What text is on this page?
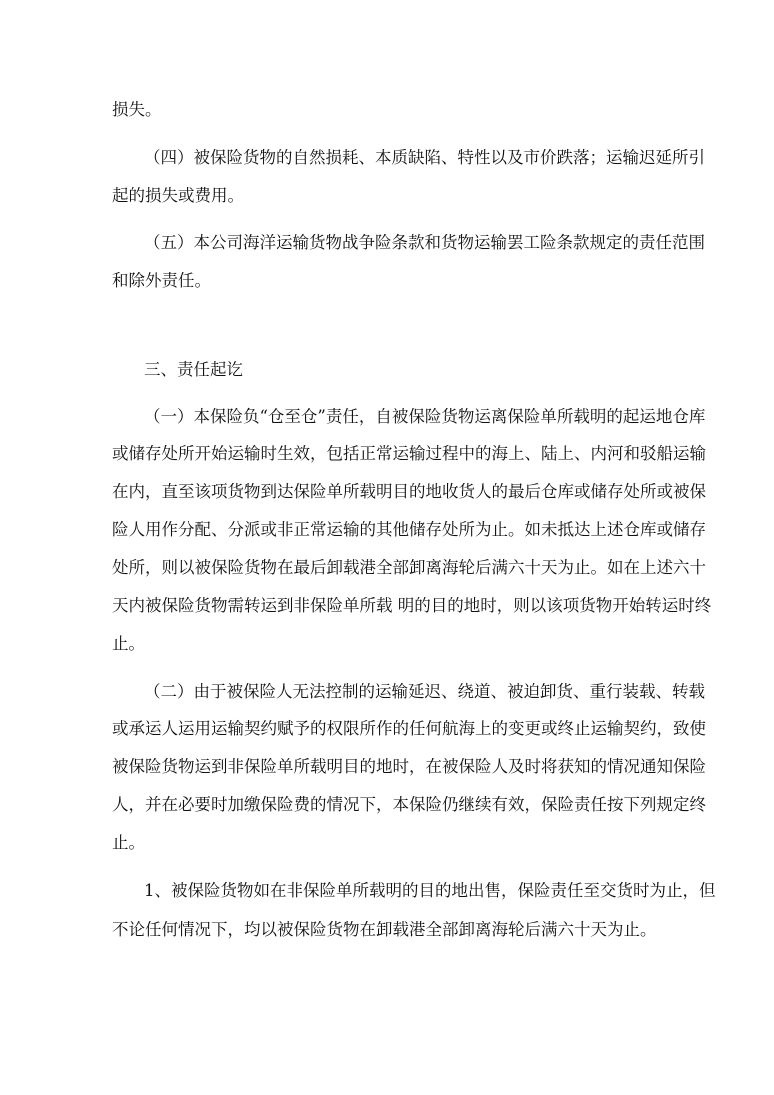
损失。
（四）被保险货物的自然损耗、本质缺陷、特性以及市价跌落；运输迟延所引
起的损失或费用。
（五）本公司海洋运输货物战争险条款和货物运输罢工险条款规定的责任范围
和除外责任。
三、责任起讫
（一）本保险负“仓至仓”责任，自被保险货物运离保险单所载明的起运地仓库
或储存处所开始运输时生效，包括正常运输过程中的海上、陆上、内河和驳船运输
在内，直至该项货物到达保险单所载明目的地收货人的最后仓库或储存处所或被保
险人用作分配、分派或非正常运输的其他储存处所为止。如未抵达上述仓库或储存
处所，则以被保险货物在最后卸载港全部卸离海轮后满六十天为止。如在上述六十
天内被保险货物需转运到非保险单所载 明的目的地时，则以该项货物开始转运时终
止。
（二）由于被保险人无法控制的运输延迟、绕道、被迫卸货、重行装载、转载
或承运人运用运输契约赋予的权限所作的任何航海上的变更或终止运输契约，致使
被保险货物运到非保险单所载明目的地时，在被保险人及时将获知的情况通知保险
人，并在必要时加缴保险费的情况下，本保险仍继续有效，保险责任按下列规定终
止。
1、被保险货物如在非保险单所载明的目的地出售，保险责任至交货时为止，但
不论任何情况下，均以被保险货物在卸载港全部卸离海轮后满六十天为止。
